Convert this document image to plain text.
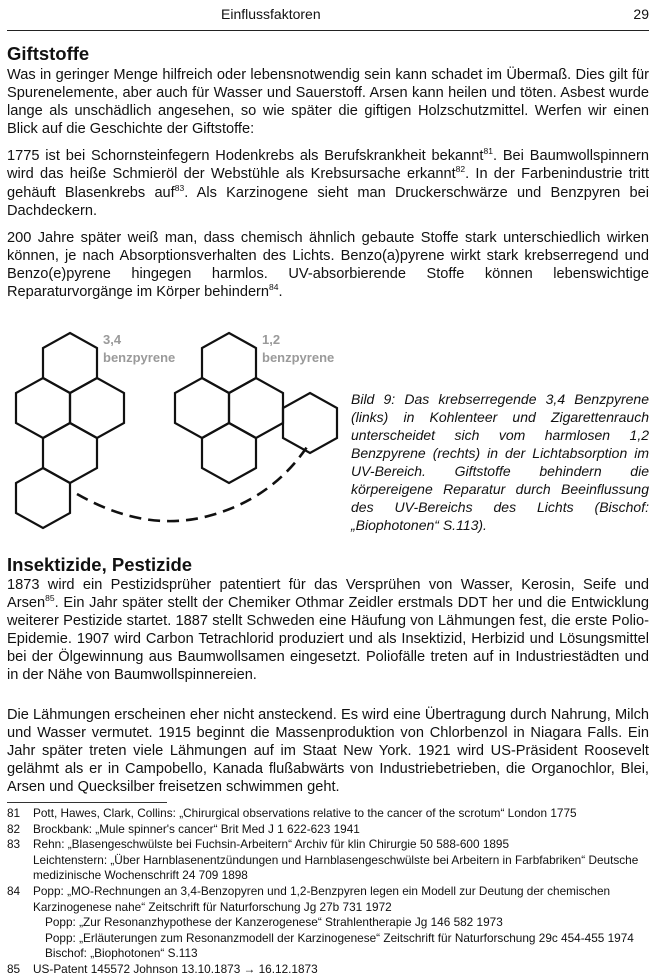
Einflussfaktoren	29
Giftstoffe

Was in geringer Menge hilfreich oder lebensnotwendig sein kann schadet im Übermaß. Dies gilt für Spurenelemente, aber auch für Wasser und Sauerstoff. Arsen kann heilen und töten. Asbest wurde lange als unschädlich angesehen, so wie später die giftigen Holzschutzmittel. Werfen wir einen Blick auf die Geschichte der Giftstoffe:

1775 ist bei Schornsteinfegern Hodenkrebs als Berufskrankheit bekannt$^{81}$. Bei Baumwollspinnern wird das heiße Schmieröl der Webstühle als Krebsursache erkannt$^{82}$. In der Farbenindustrie tritt gehäuft Blasenkrebs auf$^{83}$. Als Karzinogene sieht man Druckerschwärze und Benzpyren bei Dachdeckern.

200 Jahre später weiß man, dass chemisch ähnlich gebaute Stoffe stark unterschiedlich wirken können, je nach Absorptionsverhalten des Lichts. Benzo(a)pyrene wirkt stark krebserregend und Benzo(e)pyrene hingegen harmlos. UV-absorbierende Stoffe können lebenswichtige Reparaturvorgänge im Körper behindern$^{84}$.

3,4
benzpyrene
1,2
benzpyrene
Bild 9: Das krebserregende 3,4 Benzpyrene (links) in Kohlenteer und Zigarettenrauch unterscheidet sich vom harmlosen 1,2 Benzpyrene (rechts) in der Lichtabsorption im UV-Bereich. Giftstoffe behindern die körpereigene Reparatur durch Beeinflussung des UV-Bereichs des Lichts (Bischof: „Biophotonen“ S.113).
Insektizide, Pestizide

1873 wird ein Pestizidsprüher patentiert für das Versprühen von Wasser, Kerosin, Seife und Arsen$^{85}$. Ein Jahr später stellt der Chemiker Othmar Zeidler erstmals DDT her und die Entwicklung weiterer Pestizide startet. 1887 stellt Schweden eine Häufung von Lähmungen fest, die erste Polio-Epidemie. 1907 wird Carbon Tetrachlorid produziert und als Insektizid, Herbizid und Lösungsmittel bei der Ölgewinnung aus Baumwollsamen eingesetzt. Poliofälle treten auf in Industriestädten und in der Nähe von Baumwollspinnereien.

Die Lähmungen erscheinen eher nicht ansteckend. Es wird eine Übertragung durch Nahrung, Milch und Wasser vermutet. 1915 beginnt die Massenproduktion von Chlorbenzol in Niagara Falls. Ein Jahr später treten viele Lähmungen auf im Staat New York. 1921 wird US-Präsident Roosevelt gelähmt als er in Campobello, Kanada flußabwärts von Industriebetrieben, die Organochlor, Blei, Arsen und Quecksilber freisetzen schwimmen geht.

81	Pott, Hawes, Clark, Collins: „Chirurgical observations relative to the cancer of the scrotum“ London 1775
82	Brockbank: „Mule spinner's cancer“ Brit Med J 1 622-623 1941
83	Rehn: „Blasengeschwülste bei Fuchsin-Arbeitern“ Archiv für klin Chirurgie 50 588-600 1895
Leichtenstern: „Über Harnblasenentzündungen und Harnblasengeschwülste bei Arbeitern in Farbfabriken“ Deutsche medizinische Wochenschrift 24 709 1898
84	Popp: „MO-Rechnungen an 3,4-Benzopyren und 1,2-Benzpyren legen ein Modell zur Deutung der chemischen Karzinogenese nahe“ Zeitschrift für Naturforschung Jg 27b 731 1972
Popp: „Zur Resonanzhypothese der Kanzerogenese“ Strahlentherapie Jg 146 582 1973
Popp: „Erläuterungen zum Resonanzmodell der Karzinogenese“ Zeitschrift für Naturforschung 29c 454-455 1974 Bischof: „Biophotonen“ S.113
85	US-Patent 145572 Johnson 13.10.1873 → 16.12.1873
